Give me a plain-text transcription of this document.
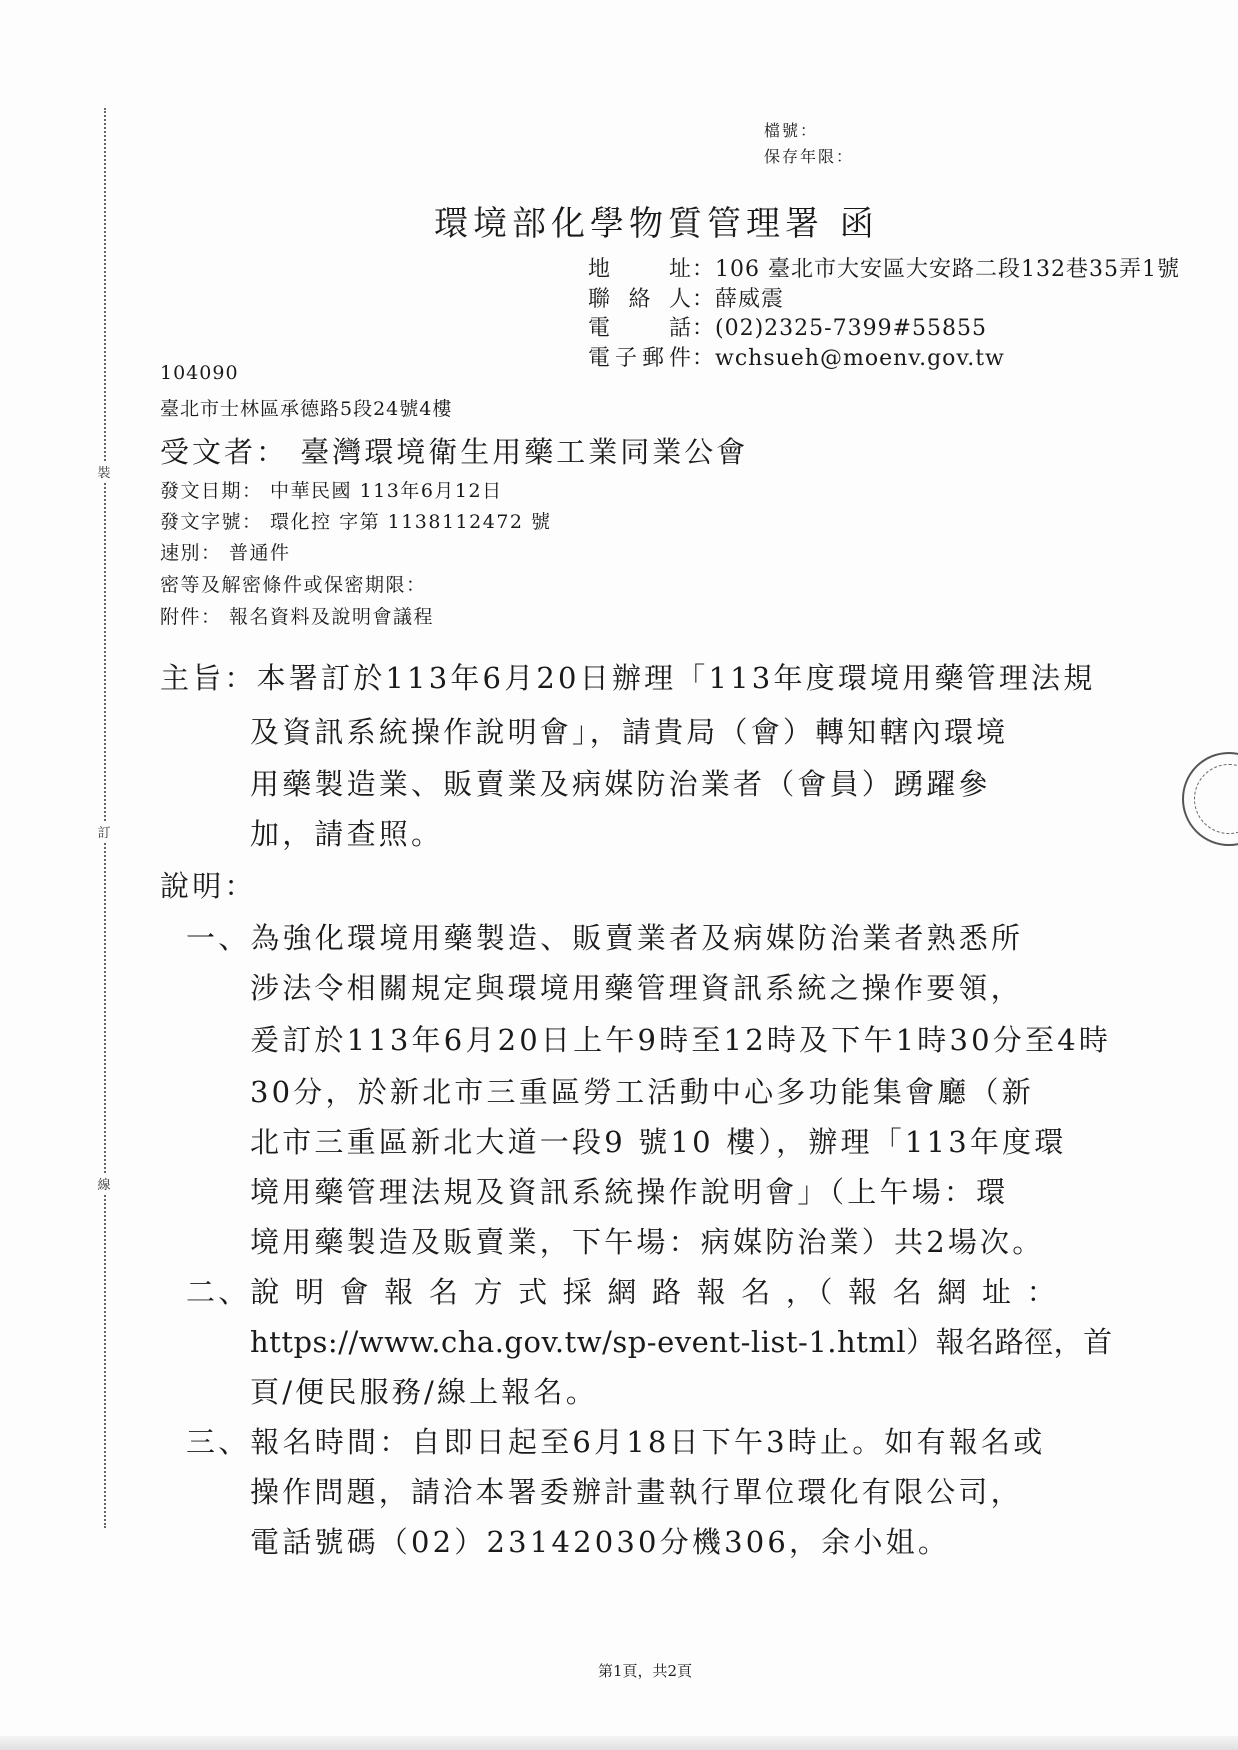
裝
訂
線
檔號：
保存年限：
環境部化學物質管理署 函
地址：106 臺北市大安區大安路二段132巷35弄1號
聯絡人：薛威震
電話：(02)2325-7399#55855
電子郵件：wchsueh@moenv.gov.tw
104090
臺北市士林區承德路5段24號4樓
受文者： 臺灣環境衛生用藥工業同業公會
發文日期： 中華民國 113年6月12日
發文字號： 環化控 字第 1138112472 號
速別： 普通件
密等及解密條件或保密期限：
附件： 報名資料及說明會議程
主旨：本署訂於113年6月20日辦理「113年度環境用藥管理法規
及資訊系統操作說明會」，請貴局（會）轉知轄內環境
用藥製造業、販賣業及病媒防治業者（會員）踴躍參
加，請查照。
說明：
一、為強化環境用藥製造、販賣業者及病媒防治業者熟悉所
涉法令相關規定與環境用藥管理資訊系統之操作要領，
爰訂於113年6月20日上午9時至12時及下午1時30分至4時
30分，於新北市三重區勞工活動中心多功能集會廳（新
北市三重區新北大道一段9 號10 樓），辦理「113年度環
境用藥管理法規及資訊系統操作說明會」（上午場：環
境用藥製造及販賣業，下午場：病媒防治業）共2場次。
二、說 明 會 報 名 方 式 採 網 路 報 名 ，（ 報 名 網 址 ：
https://www.cha.gov.tw/sp-event-list-1.html）報名路徑，首
頁/便民服務/線上報名。
三、報名時間：自即日起至6月18日下午3時止。如有報名或
操作問題，請洽本署委辦計畫執行單位環化有限公司，
電話號碼（02）23142030分機306，余小姐。
第1頁，共2頁
